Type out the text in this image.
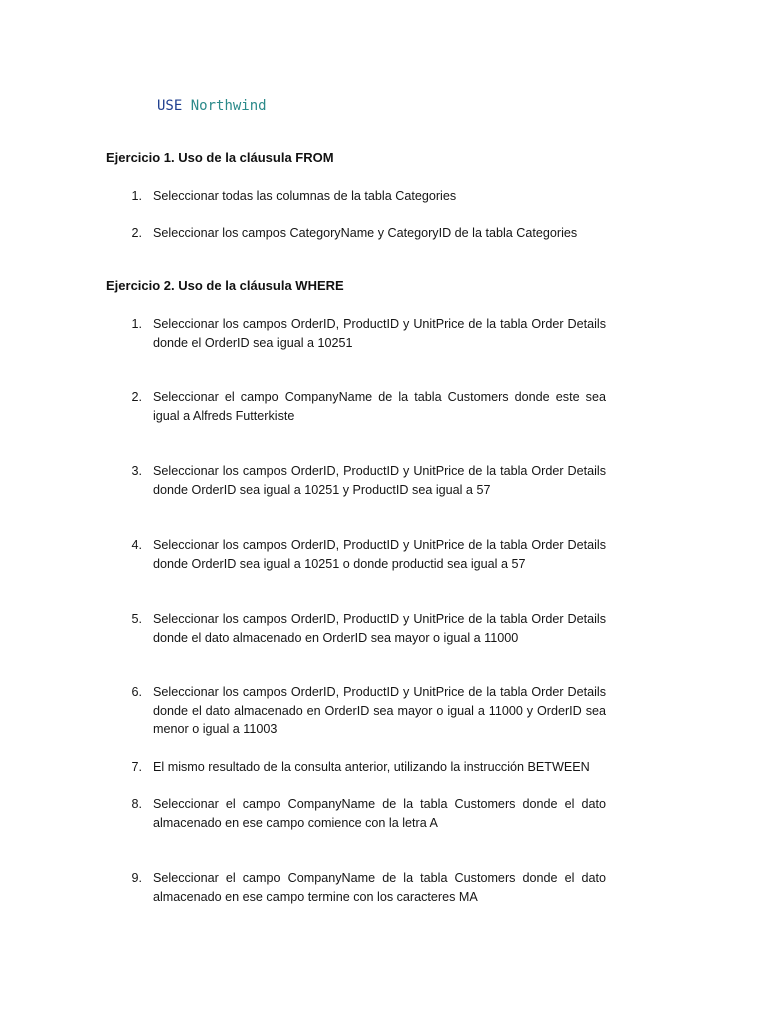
USE Northwind
Ejercicio 1. Uso de la cláusula FROM
1. Seleccionar todas las columnas de la tabla Categories
2. Seleccionar los campos CategoryName y CategoryID de la tabla Categories
Ejercicio 2. Uso de la cláusula WHERE
1. Seleccionar los campos OrderID, ProductID y UnitPrice de la tabla Order Details donde el OrderID sea igual a 10251
2. Seleccionar el campo CompanyName de la tabla Customers donde este sea igual a Alfreds Futterkiste
3. Seleccionar los campos OrderID, ProductID y UnitPrice de la tabla Order Details donde OrderID sea igual a 10251 y ProductID sea igual a 57
4. Seleccionar los campos OrderID, ProductID y UnitPrice de la tabla Order Details donde OrderID sea igual a 10251 o donde productid sea igual a 57
5. Seleccionar los campos OrderID, ProductID y UnitPrice de la tabla Order Details donde el dato almacenado en OrderID sea mayor o igual a 11000
6. Seleccionar los campos OrderID, ProductID y UnitPrice de la tabla Order Details donde el dato almacenado en OrderID sea mayor o igual a 11000 y OrderID sea menor o igual a 11003
7. El mismo resultado de la consulta anterior, utilizando la instrucción BETWEEN
8. Seleccionar el campo CompanyName de la tabla Customers donde el dato almacenado en ese campo comience con la letra A
9. Seleccionar el campo CompanyName de la tabla Customers donde el dato almacenado en ese campo termine con los caracteres MA
